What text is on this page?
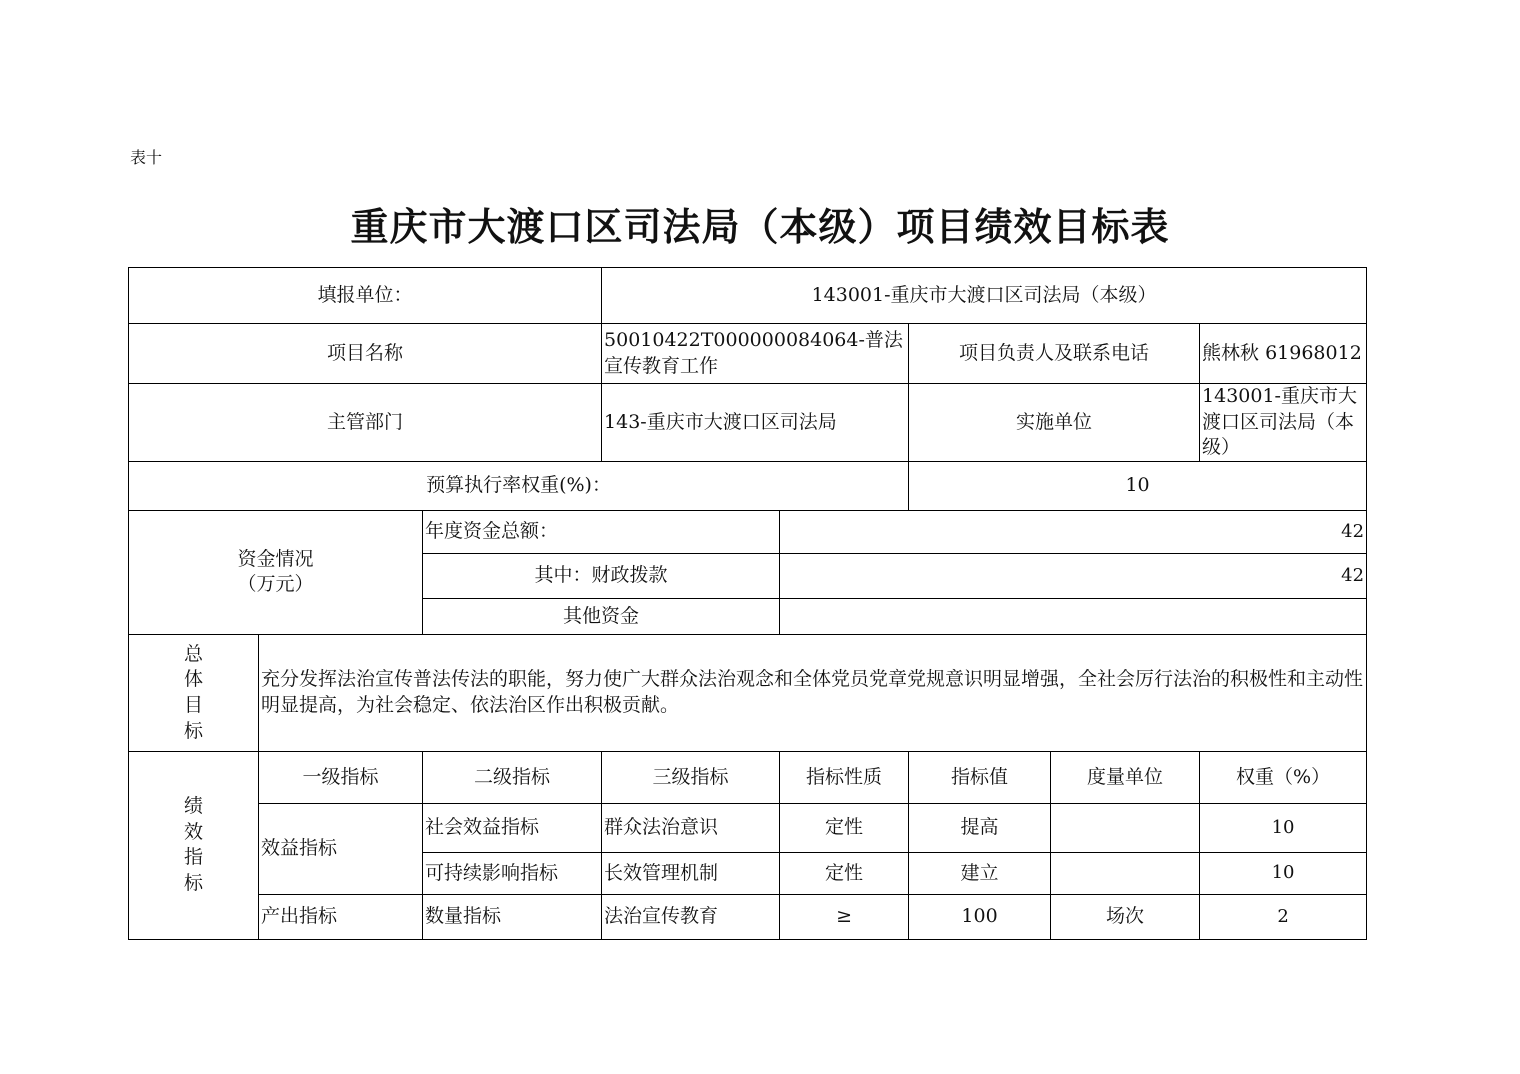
表十
重庆市大渡口区司法局（本级）项目绩效目标表
填报单位：			143001-重庆市大渡口区司法局（本级）				
项目名称			50010422T000000084064-普法宣传教育工作		项目负责人及联系电话		熊林秋 61968012
主管部门			143-重庆市大渡口区司法局		实施单位		143001-重庆市大渡口区司法局（本级）
预算执行率权重(%)：					10		

资金情况
（万元）		年度资金总额：		42			
		其中：财政拨款		42			
		其他资金					

总
体
目
标	充分发挥法治宣传普法传法的职能，努力使广大群众法治观念和全体党员党章党规意识明显增强，全社会厉行法治的积极性和主动性明显提高，为社会稳定、依法治区作出积极贡献。						

绩
效
指
标	一级指标	二级指标	三级指标	指标性质	指标值	度量单位	权重（%）
	效益指标	社会效益指标	群众法治意识	定性	提高		10
		可持续影响指标	长效管理机制	定性	建立		10
	产出指标	数量指标	法治宣传教育	≥	100	场次	2
